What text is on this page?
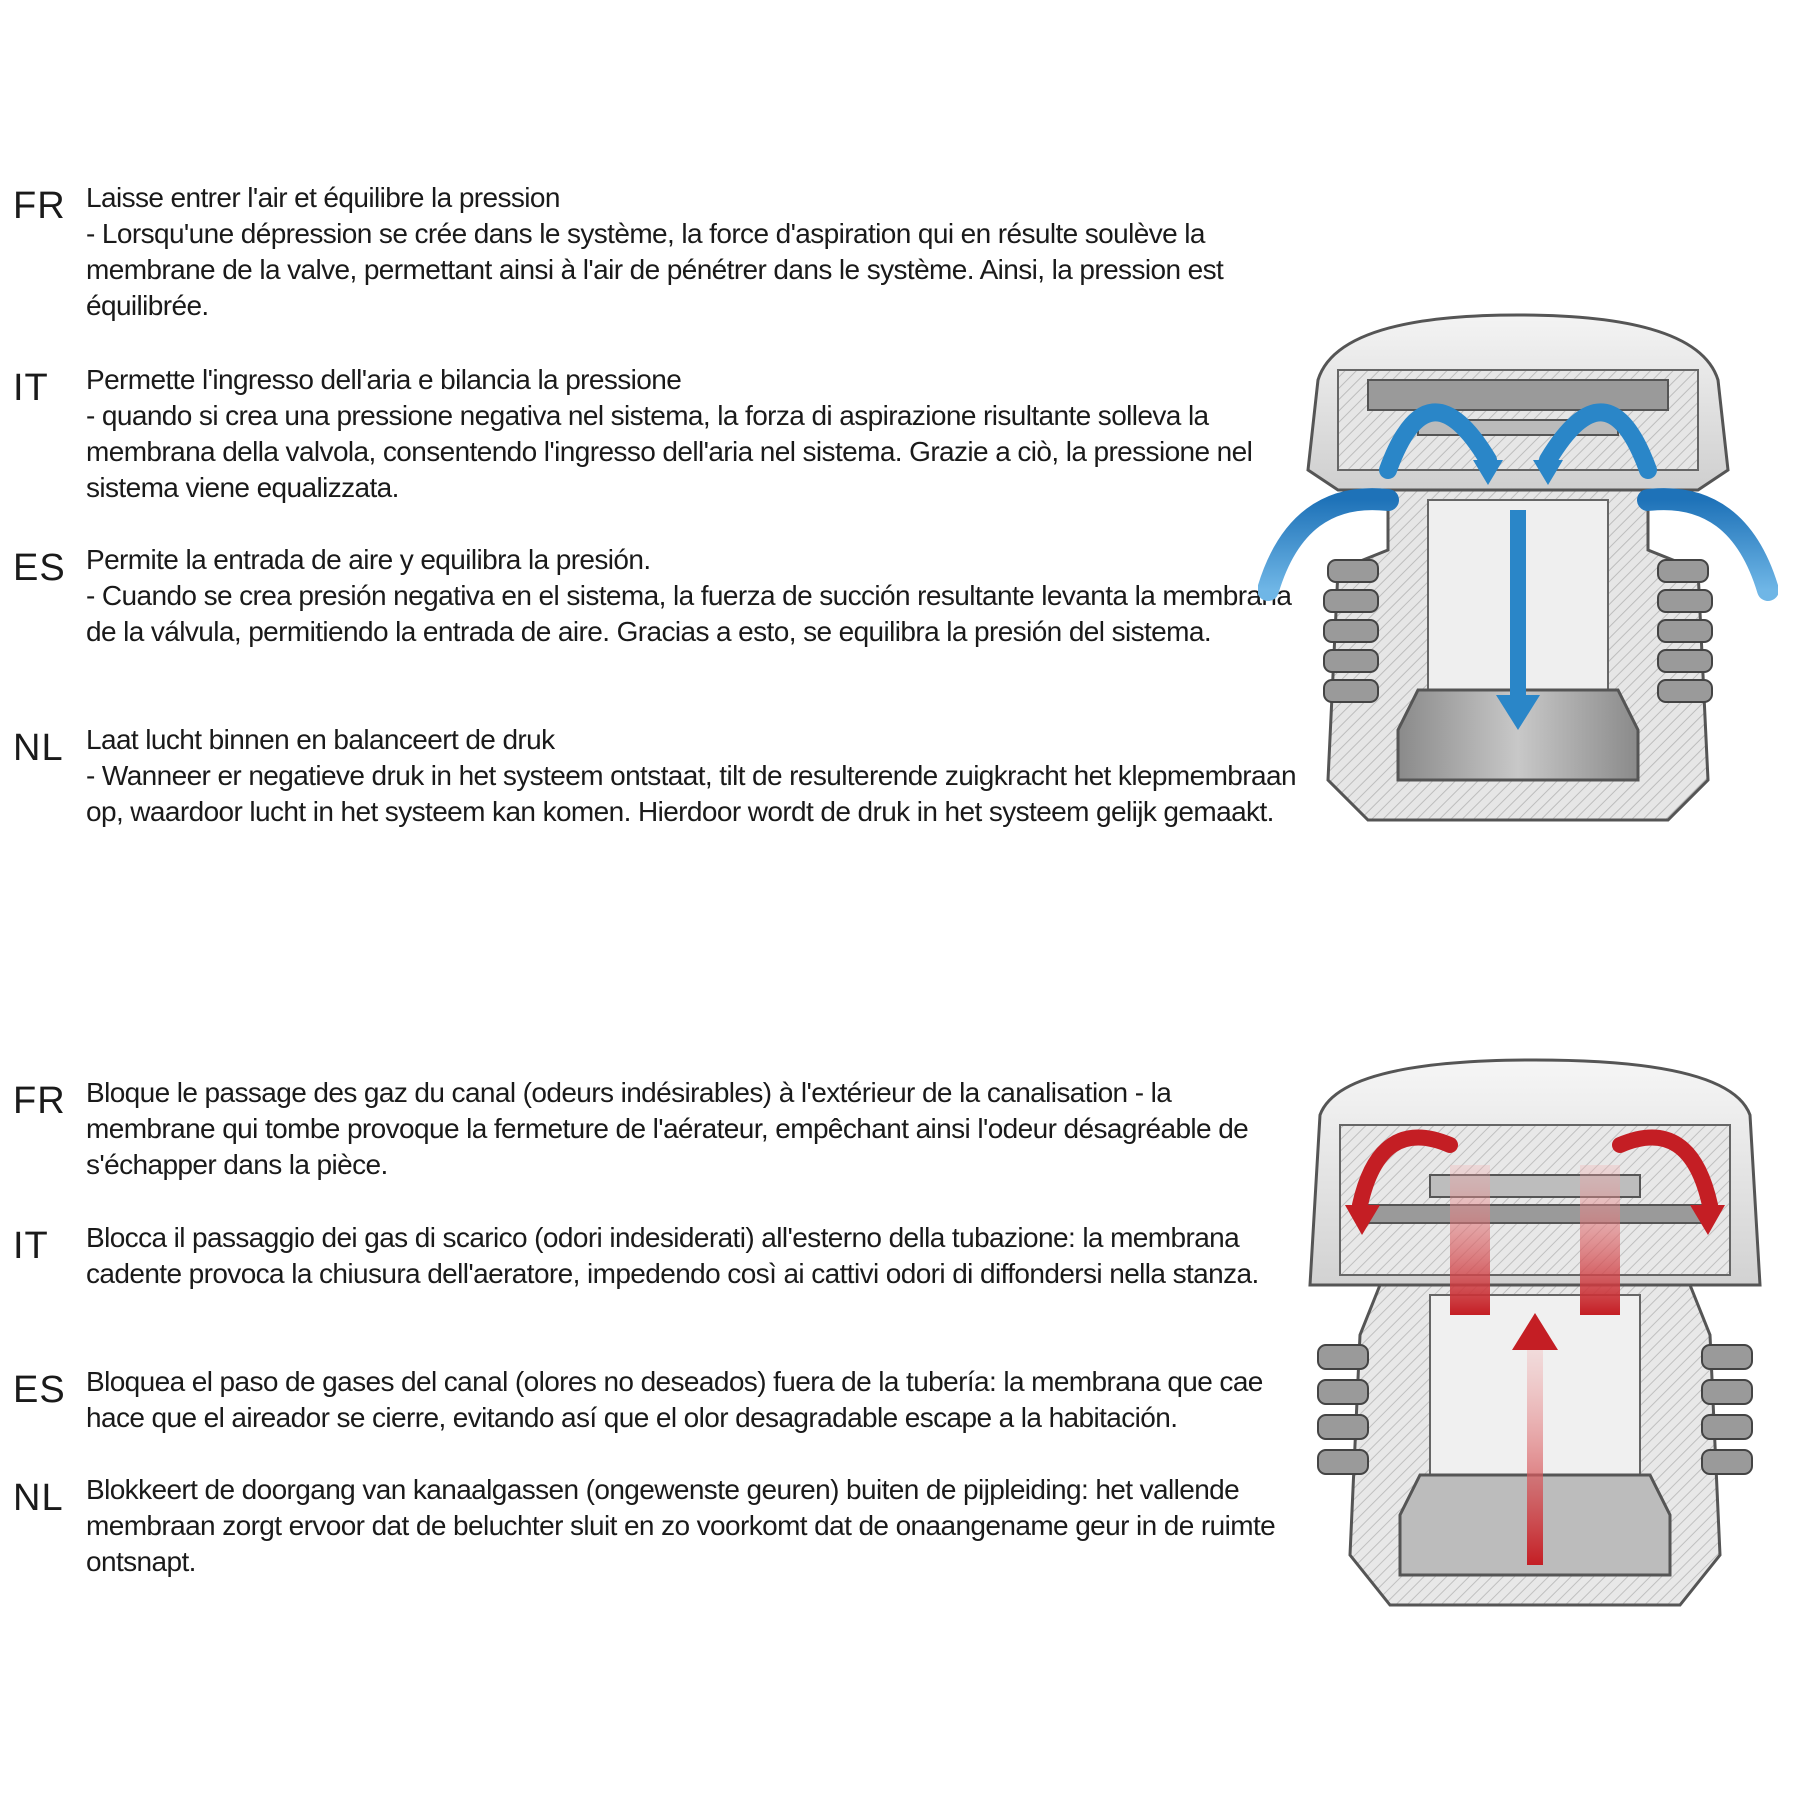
FR Laisse entrer l'air et équilibre la pression

- Lorsqu'une dépression se crée dans le système, la force d'aspiration qui en résulte soulève la membrane de la valve, permettant ainsi à l'air de pénétrer dans le système. Ainsi, la pression est équilibrée.

IT Permette l'ingresso dell'aria e bilancia la pressione

- quando si crea una pressione negativa nel sistema, la forza di aspirazione risultante solleva la membrana della valvola, consentendo l'ingresso dell'aria nel sistema. Grazie a ciò, la pressione nel sistema viene equalizzata.

ES Permite la entrada de aire y equilibra la presión.

- Cuando se crea presión negativa en el sistema, la fuerza de succión resultante levanta la membrana de la válvula, permitiendo la entrada de aire. Gracias a esto, se equilibra la presión del sistema.

NL Laat lucht binnen en balanceert de druk

- Wanneer er negatieve druk in het systeem ontstaat, tilt de resulterende zuigkracht het klepmembraan op, waardoor lucht in het systeem kan komen. Hierdoor wordt de druk in het systeem gelijk gemaakt.

FR Bloque le passage des gaz du canal (odeurs indésirables) à l'extérieur de la canalisation - la membrane qui tombe provoque la fermeture de l'aérateur, empêchant ainsi l'odeur désagréable de s'échapper dans la pièce.

IT Blocca il passaggio dei gas di scarico (odori indesiderati) all'esterno della tubazione: la membrana cadente provoca la chiusura dell'aeratore, impedendo così ai cattivi odori di diffondersi nella stanza.

ES Bloquea el paso de gases del canal (olores no deseados) fuera de la tubería: la membrana que cae hace que el aireador se cierre, evitando así que el olor desagradable escape a la habitación.

NL Blokkeert de doorgang van kanaalgassen (ongewenste geuren) buiten de pijpleiding: het vallende membraan zorgt ervoor dat de beluchter sluit en zo voorkomt dat de onaangename geur in de ruimte ontsnapt.
